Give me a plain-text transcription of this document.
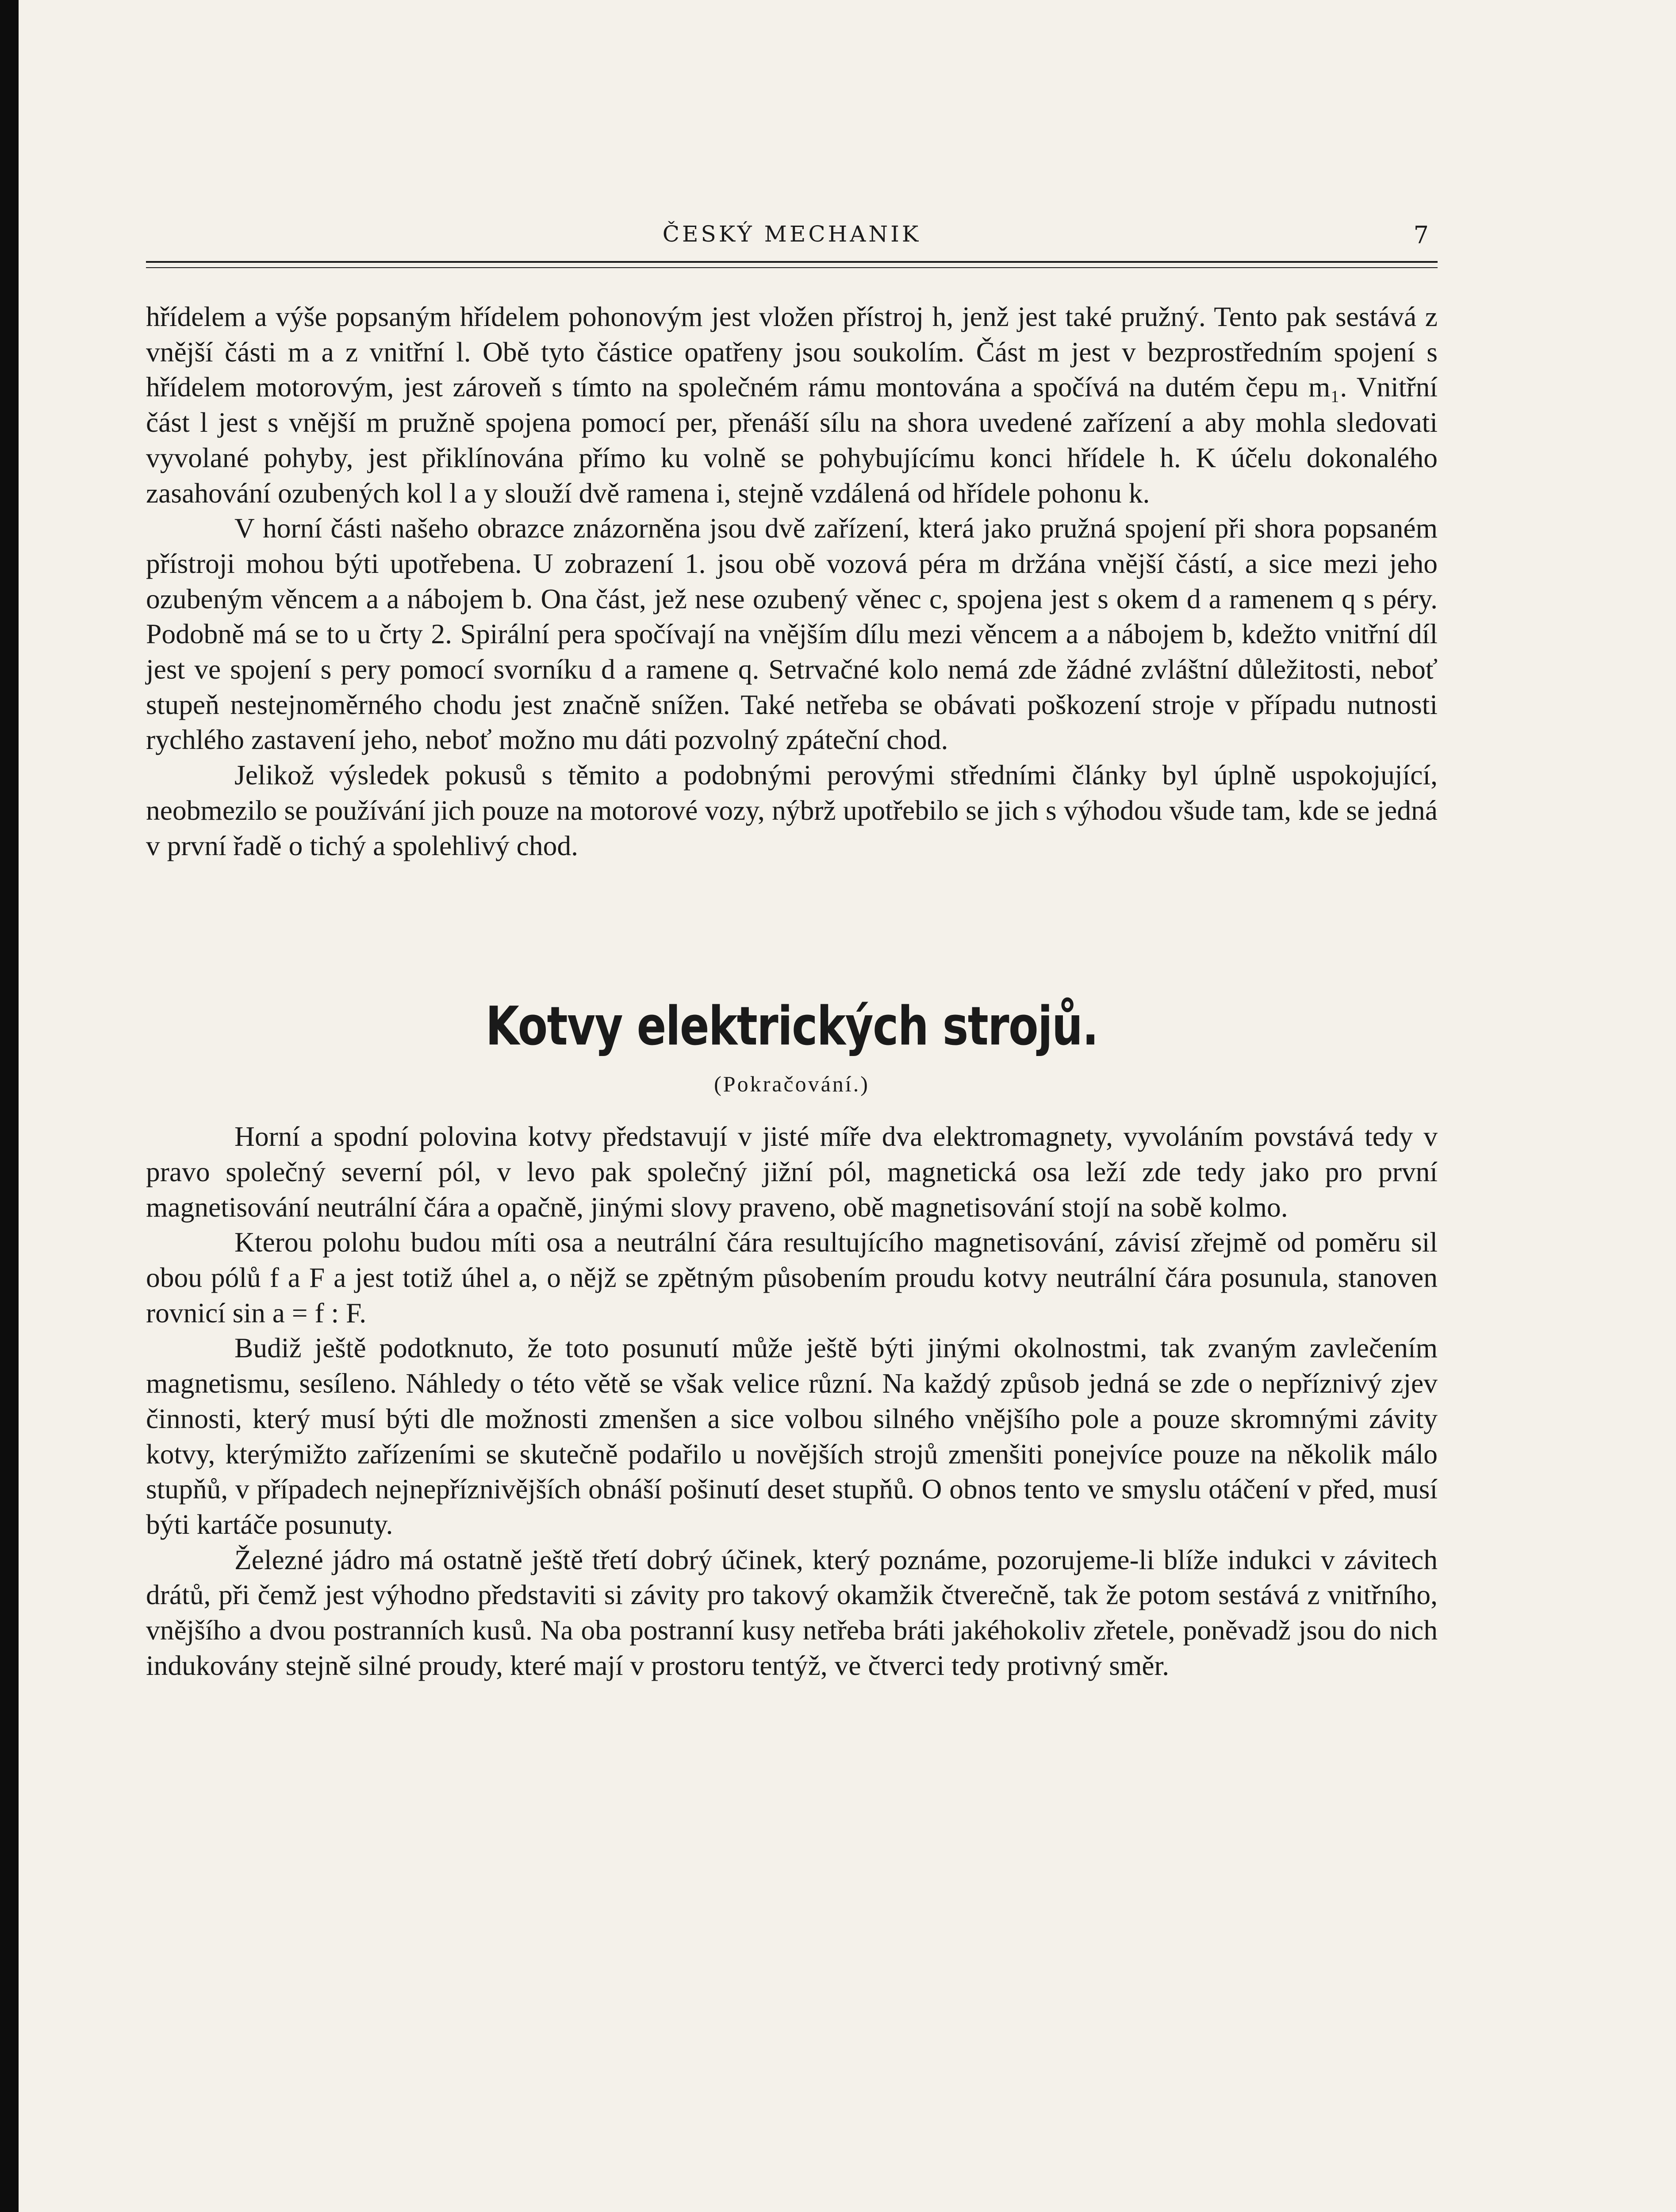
ČESKÝ MECHANIK	7

hřídelem a výše popsaným hřídelem pohonovým jest vložen přístroj h, jenž jest také pružný. Tento pak sestává z vnější části m a z vnitřní l. Obě tyto částice opatřeny jsou soukolím. Část m jest v bezprostředním spojení s hřídelem motorovým, jest zároveň s tímto na společném rámu montována a spočívá na dutém čepu m₁. Vnitřní část l jest s vnější m pružně spojena pomocí per, přenáší sílu na shora uvedené zařízení a aby mohla sledovati vyvolané pohyby, jest přiklínována přímo ku volně se pohybujícímu konci hřídele h. K účelu dokonalého zasahování ozubených kol l a y slouží dvě ramena i, stejně vzdálená od hřídele pohonu k.

V horní části našeho obrazce znázorněna jsou dvě zařízení, která jako pružná spojení při shora popsaném přístroji mohou býti upotřebena. U zobrazení 1. jsou obě vozová péra m držána vnější částí, a sice mezi jeho ozubeným věncem a a nábojem b. Ona část, jež nese ozubený věnec c, spojena jest s okem d a ramenem q s péry. Podobně má se to u črty 2. Spirální pera spočívají na vnějším dílu mezi věncem a a nábojem b, kdežto vnitřní díl jest ve spojení s pery pomocí svorníku d a ramene q. Setrvačné kolo nemá zde žádné zvláštní důležitosti, neboť stupeň nestejnoměrného chodu jest značně snížen. Také netřeba se obávati poškození stroje v případu nutnosti rychlého zastavení jeho, neboť možno mu dáti pozvolný zpáteční chod.

Jelikož výsledek pokusů s těmito a podobnými perovými středními články byl úplně uspokojující, neobmezilo se používání jich pouze na motorové vozy, nýbrž upotřebilo se jich s výhodou všude tam, kde se jedná v první řadě o tichý a spolehlivý chod.

Kotvy elektrických strojů.
(Pokračování.)

Horní a spodní polovina kotvy představují v jisté míře dva elektromagnety, vyvoláním povstává tedy v pravo společný severní pól, v levo pak společný jižní pól, magnetická osa leží zde tedy jako pro první magnetisování neutrální čára a opačně, jinými slovy praveno, obě magnetisování stojí na sobě kolmo.

Kterou polohu budou míti osa a neutrální čára resultujícího magnetisování, závisí zřejmě od poměru sil obou pólů f a F a jest totiž úhel a, o nějž se zpětným působením proudu kotvy neutrální čára posunula, stanoven rovnicí sin a = f : F.

Budiž ještě podotknuto, že toto posunutí může ještě býti jinými okolnostmi, tak zvaným zavlečením magnetismu, sesíleno. Náhledy o této větě se však velice různí. Na každý způsob jedná se zde o nepříznivý zjev činnosti, který musí býti dle možnosti zmenšen a sice volbou silného vnějšího pole a pouze skromnými závity kotvy, kterýmižto zařízeními se skutečně podařilo u novějších strojů zmenšiti ponejvíce pouze na několik málo stupňů, v případech nejnepříznivějších obnáší pošinutí deset stupňů. O obnos tento ve smyslu otáčení v před, musí býti kartáče posunuty.

Železné jádro má ostatně ještě třetí dobrý účinek, který poznáme, pozorujeme-li blíže indukci v závitech drátů, při čemž jest výhodno představiti si závity pro takový okamžik čtverečně, tak že potom sestává z vnitřního, vnějšího a dvou postranních kusů. Na oba postranní kusy netřeba bráti jakéhokoliv zřetele, poněvadž jsou do nich indukovány stejně silné proudy, které mají v prostoru tentýž, ve čtverci tedy protivný směr.
